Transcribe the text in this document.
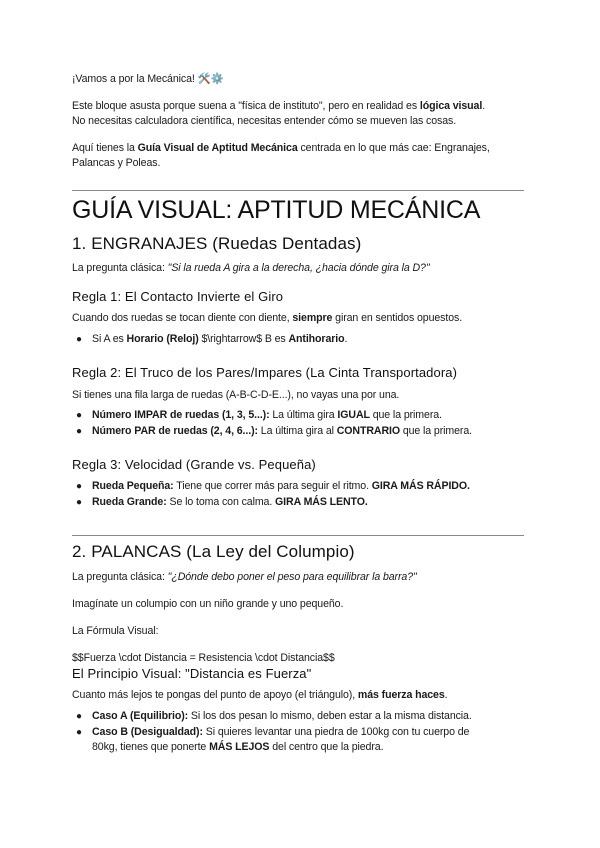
¡Vamos a por la Mecánica! 🛠️⚙️
Este bloque asusta porque suena a "física de instituto", pero en realidad es lógica visual.
No necesitas calculadora científica, necesitas entender cómo se mueven las cosas.
Aquí tienes la Guía Visual de Aptitud Mecánica centrada en lo que más cae: Engranajes,
Palancas y Poleas.
GUÍA VISUAL: APTITUD MECÁNICA
1. ENGRANAJES (Ruedas Dentadas)
La pregunta clásica: "Si la rueda A gira a la derecha, ¿hacia dónde gira la D?"
Regla 1: El Contacto Invierte el Giro
Cuando dos ruedas se tocan diente con diente, siempre giran en sentidos opuestos.
● Si A es Horario (Reloj) $\rightarrow$ B es Antihorario.
Regla 2: El Truco de los Pares/Impares (La Cinta Transportadora)
Si tienes una fila larga de ruedas (A-B-C-D-E...), no vayas una por una.
● Número IMPAR de ruedas (1, 3, 5...): La última gira IGUAL que la primera.
● Número PAR de ruedas (2, 4, 6...): La última gira al CONTRARIO que la primera.
Regla 3: Velocidad (Grande vs. Pequeña)
● Rueda Pequeña: Tiene que correr más para seguir el ritmo. GIRA MÁS RÁPIDO.
● Rueda Grande: Se lo toma con calma. GIRA MÁS LENTO.
2. PALANCAS (La Ley del Columpio)
La pregunta clásica: "¿Dónde debo poner el peso para equilibrar la barra?"
Imagínate un columpio con un niño grande y uno pequeño.
La Fórmula Visual:
$$Fuerza \cdot Distancia = Resistencia \cdot Distancia$$
El Principio Visual: "Distancia es Fuerza"
Cuanto más lejos te pongas del punto de apoyo (el triángulo), más fuerza haces.
● Caso A (Equilibrio): Si los dos pesan lo mismo, deben estar a la misma distancia.
● Caso B (Desigualdad): Si quieres levantar una piedra de 100kg con tu cuerpo de
80kg, tienes que ponerte MÁS LEJOS del centro que la piedra.
